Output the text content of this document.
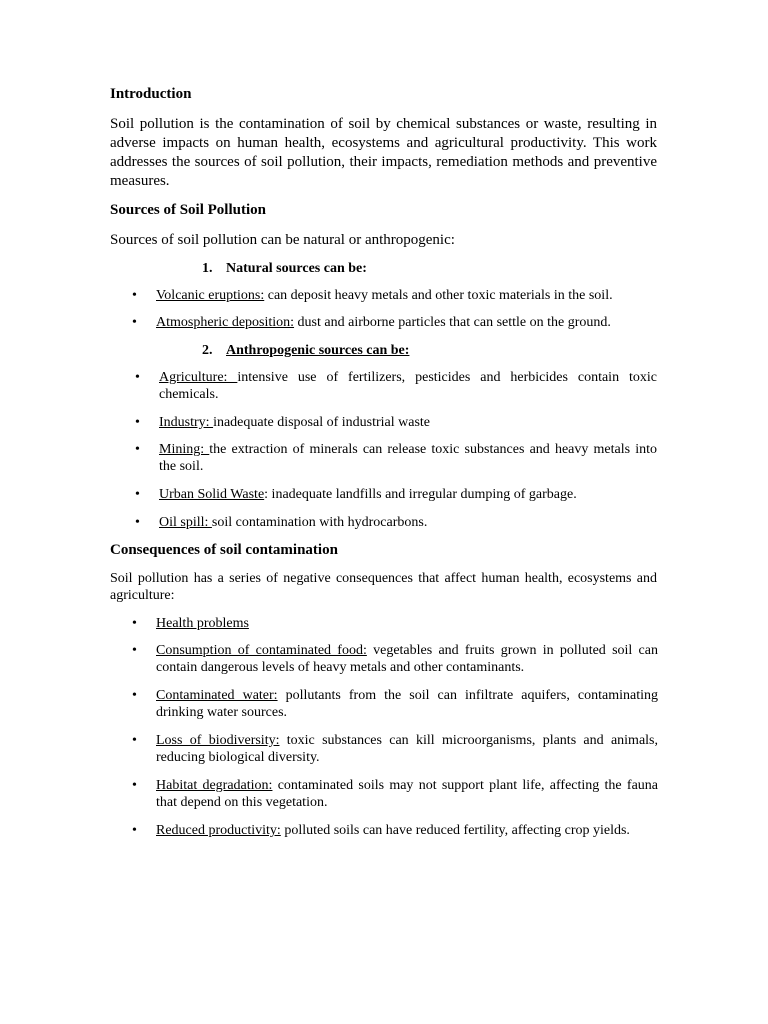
Introduction
Soil pollution is the contamination of soil by chemical substances or waste, resulting in adverse impacts on human health, ecosystems and agricultural productivity. This work addresses the sources of soil pollution, their impacts, remediation methods and preventive measures.
Sources of Soil Pollution
Sources of soil pollution can be natural or anthropogenic:
1. Natural sources can be:
• Volcanic eruptions: can deposit heavy metals and other toxic materials in the soil.
• Atmospheric deposition: dust and airborne particles that can settle on the ground.
2. Anthropogenic sources can be:
• Agriculture: intensive use of fertilizers, pesticides and herbicides contain toxic chemicals.
• Industry: inadequate disposal of industrial waste
• Mining: the extraction of minerals can release toxic substances and heavy metals into the soil.
• Urban Solid Waste: inadequate landfills and irregular dumping of garbage.
• Oil spill: soil contamination with hydrocarbons.
Consequences of soil contamination
Soil pollution has a series of negative consequences that affect human health, ecosystems and agriculture:
• Health problems
• Consumption of contaminated food: vegetables and fruits grown in polluted soil can contain dangerous levels of heavy metals and other contaminants.
• Contaminated water: pollutants from the soil can infiltrate aquifers, contaminating drinking water sources.
• Loss of biodiversity: toxic substances can kill microorganisms, plants and animals, reducing biological diversity.
• Habitat degradation: contaminated soils may not support plant life, affecting the fauna that depend on this vegetation.
• Reduced productivity: polluted soils can have reduced fertility, affecting crop yields.
